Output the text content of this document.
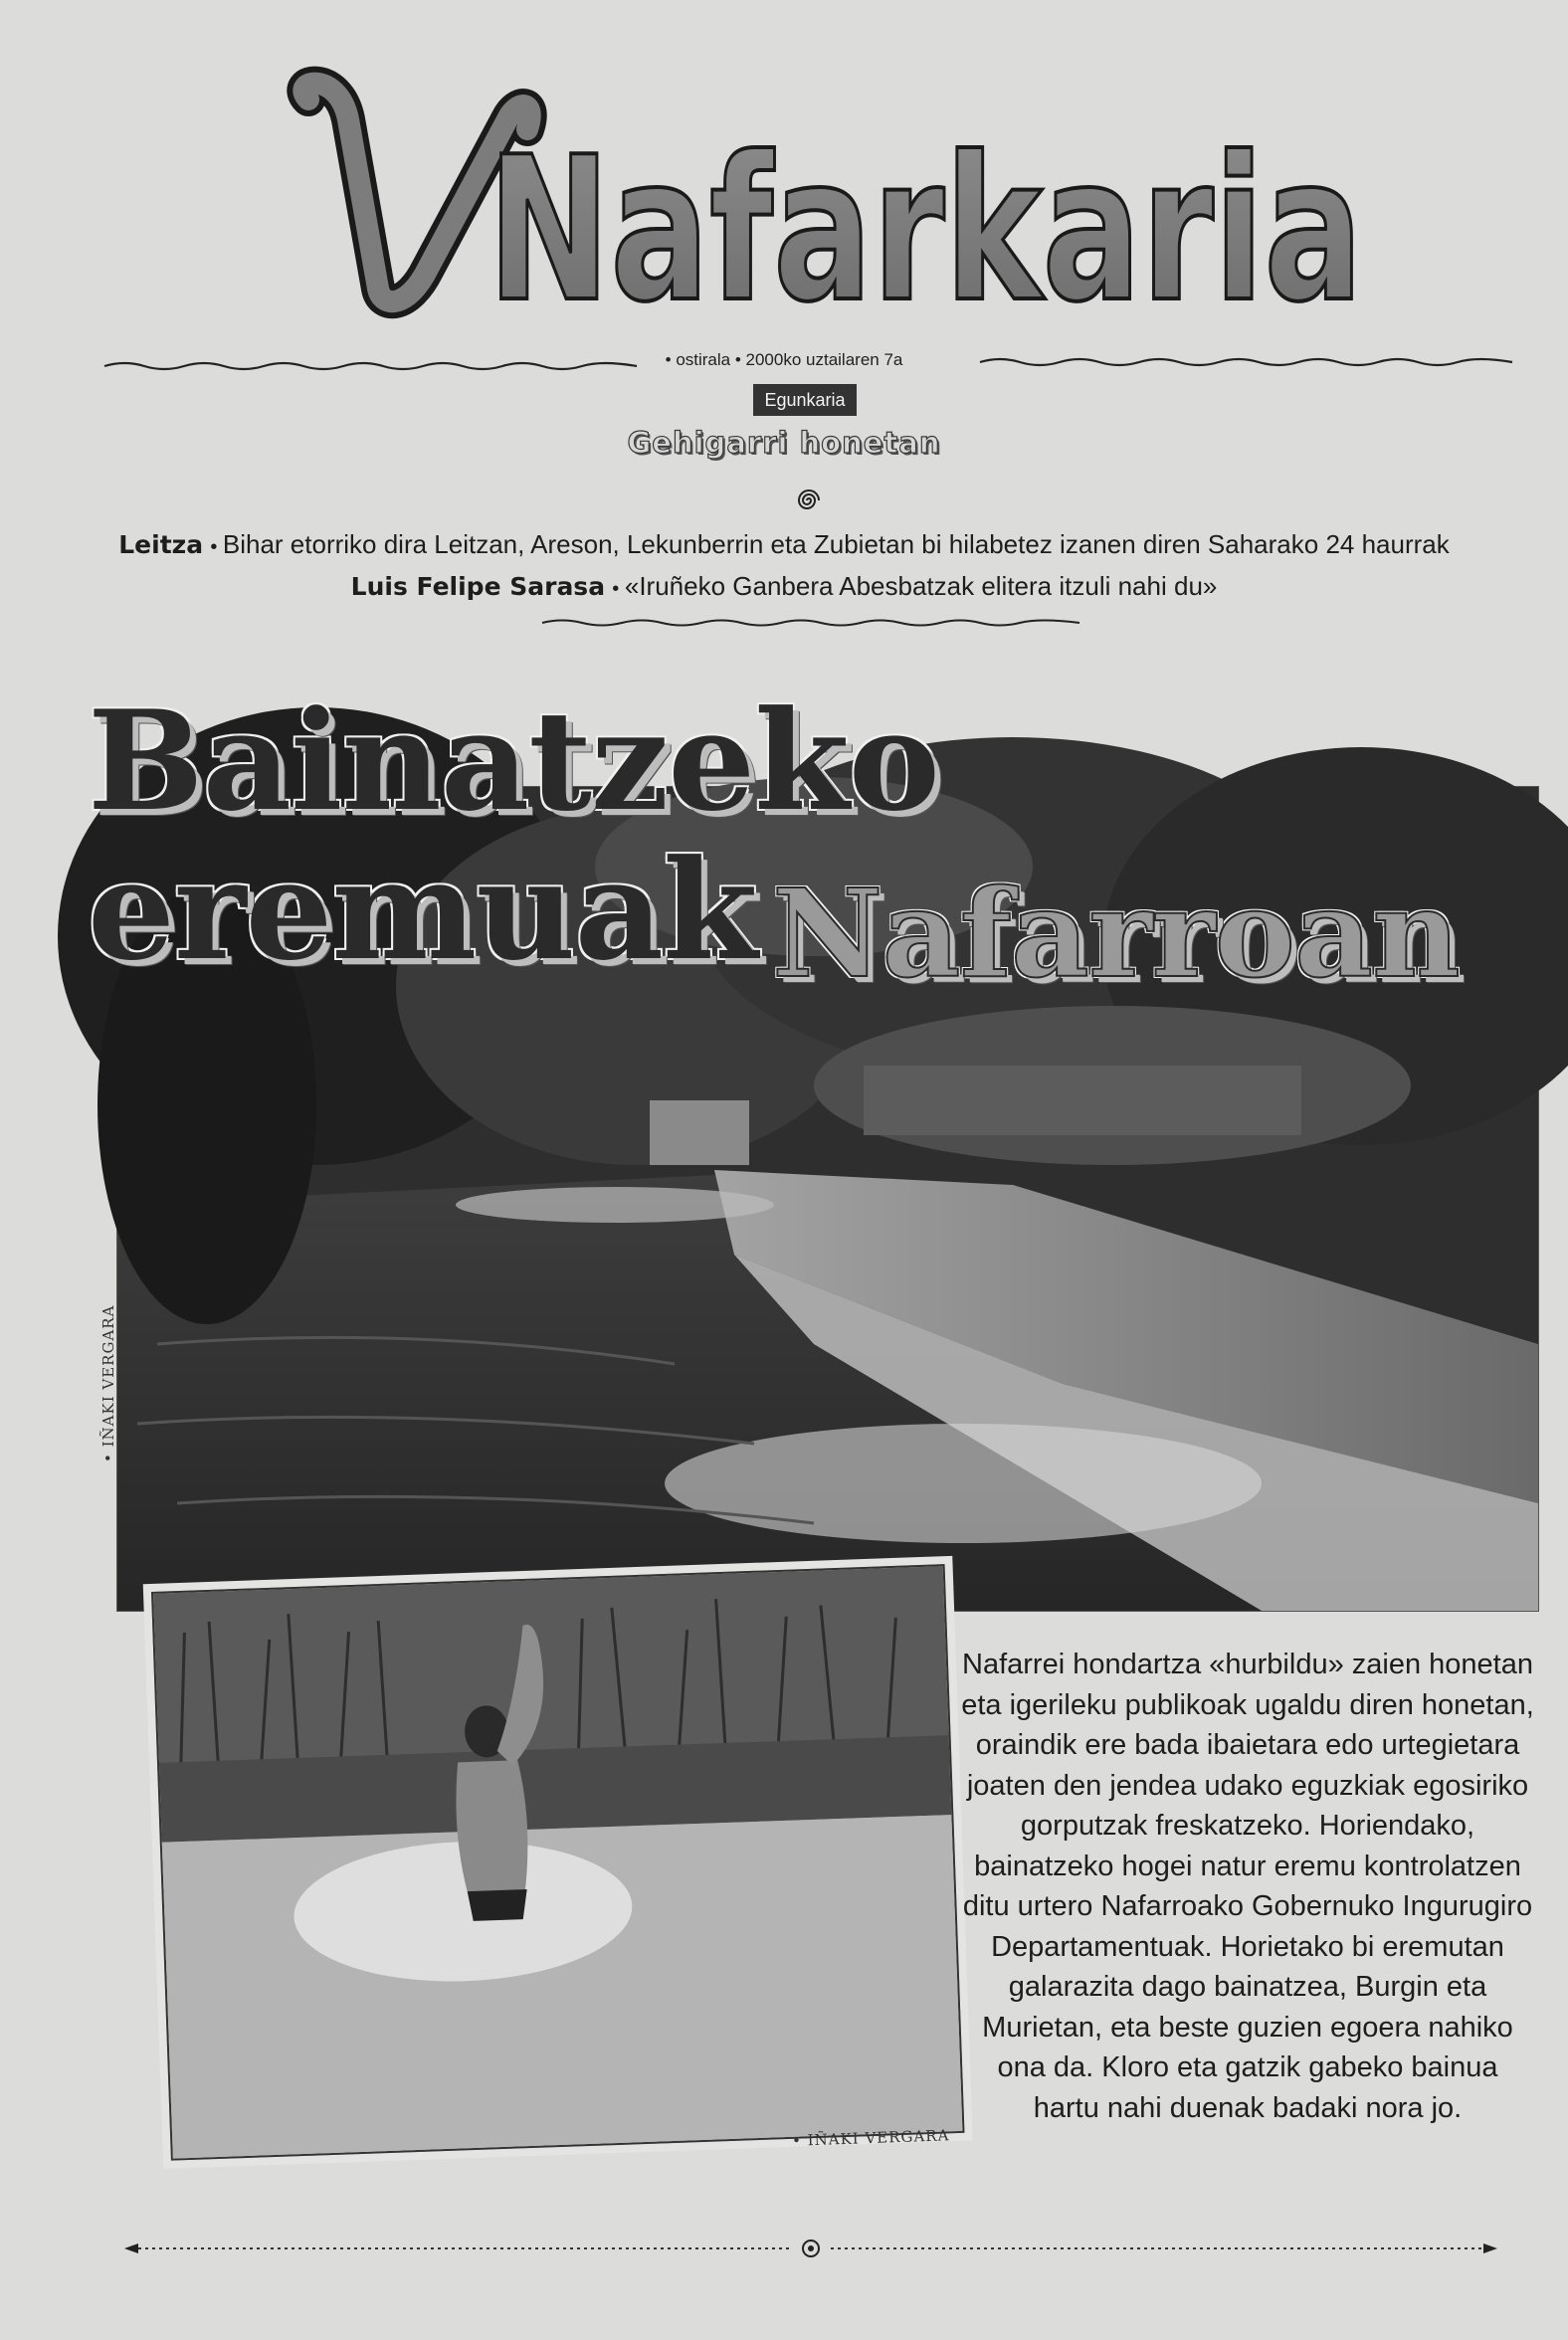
Nafarkaria
• ostirala • 2000ko uztailaren 7a
Egunkaria
Gehigarri honetan
Leitza • Bihar etorriko dira Leitzan, Areson, Lekunberrin eta Zubietan bi hilabetez izanen diren Saharako 24 haurrak
Luis Felipe Sarasa • «Iruñeko Ganbera Abesbatzak elitera itzuli nahi du»
Bainatzeko eremuak Nafarroan
• IÑAKI VERGARA
• IÑAKI VERGARA
Nafarrei hondartza «hurbildu» zaien honetan eta igerileku publikoak ugaldu diren honetan, oraindik ere bada ibaietara edo urtegietara joaten den jendea udako eguzkiak egosiriko gorputzak freskatzeko. Horiendako, bainatzeko hogei natur eremu kontrolatzen ditu urtero Nafarroako Gobernuko Ingurugiro Departamentuak. Horietako bi eremutan galarazita dago bainatzea, Burgin eta Murietan, eta beste guzien egoera nahiko ona da. Kloro eta gatzik gabeko bainua hartu nahi duenak badaki nora jo.
